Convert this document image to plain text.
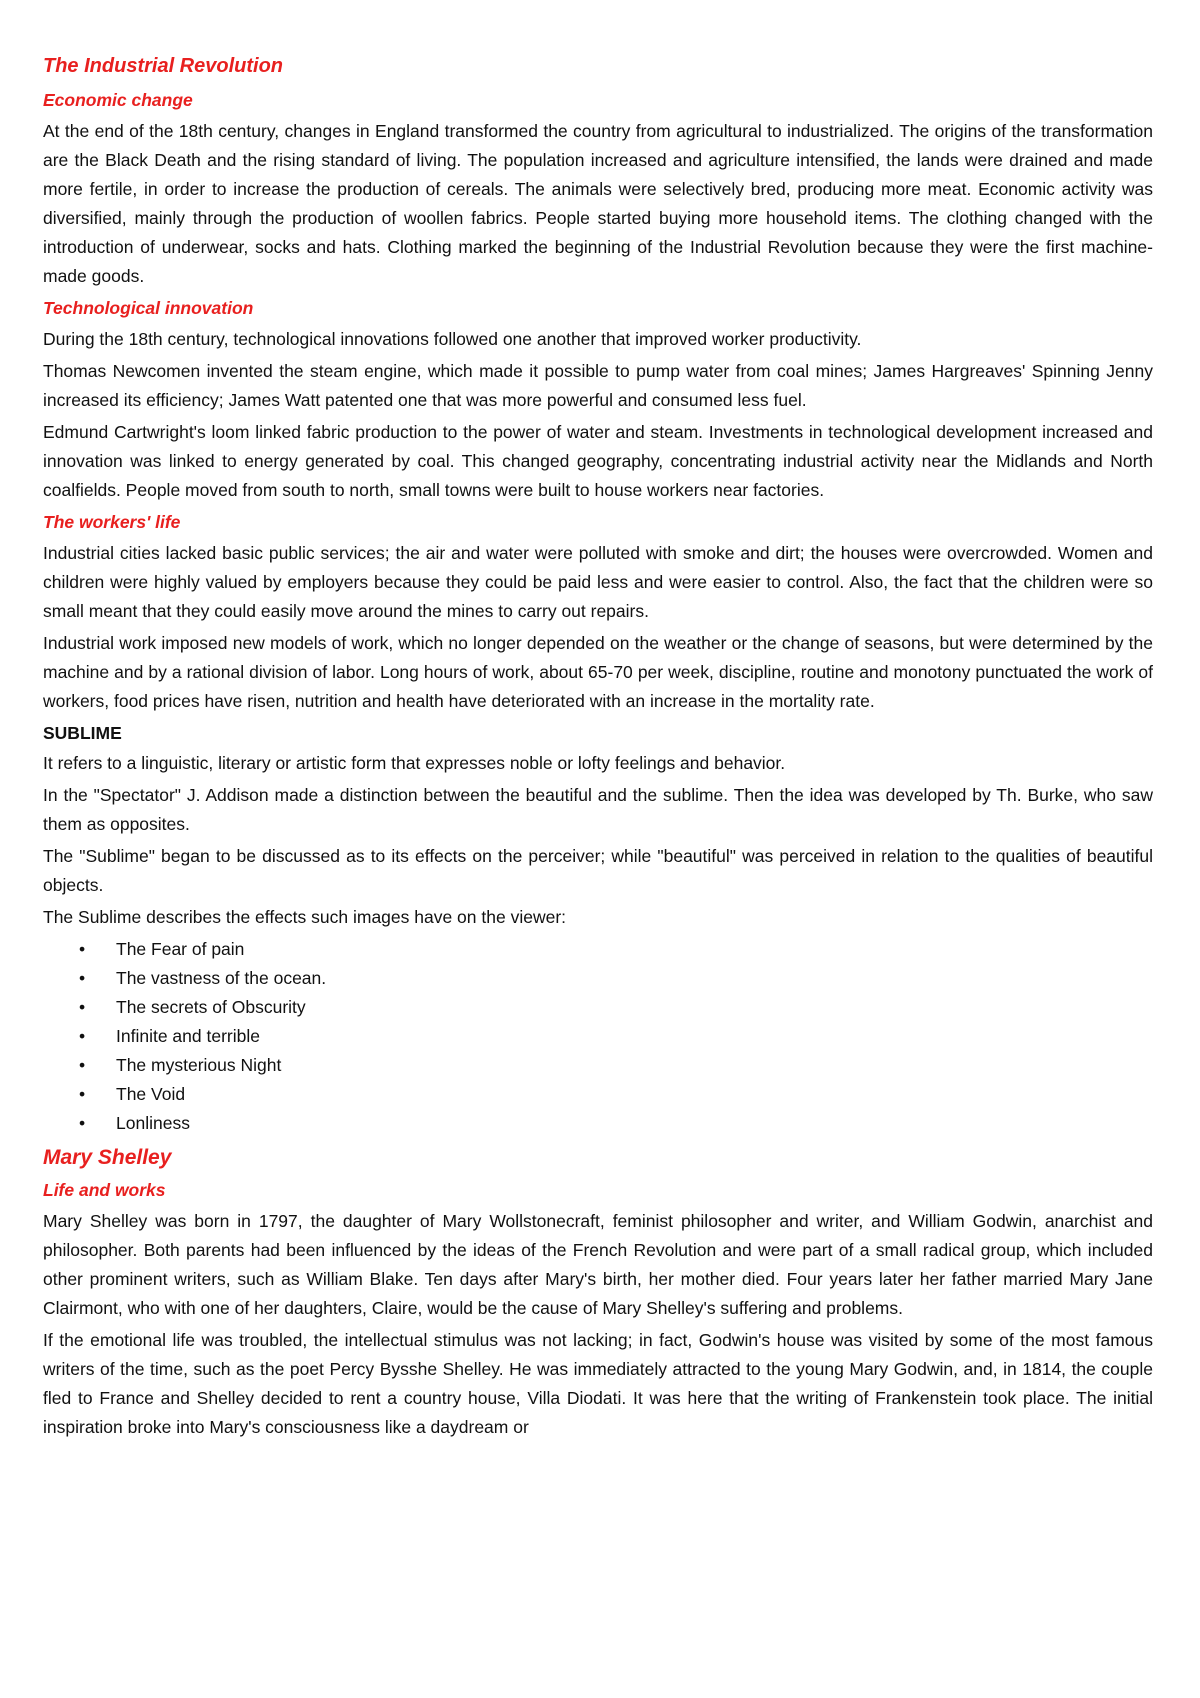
The Industrial Revolution
Economic change

At the end of the 18th century, changes in England transformed the country from agricultural to industrialized. The origins of the transformation are the Black Death and the rising standard of living. The population increased and agriculture intensified, the lands were drained and made more fertile, in order to increase the production of cereals. The animals were selectively bred, producing more meat. Economic activity was diversified, mainly through the production of woollen fabrics. People started buying more household items. The clothing changed with the introduction of underwear, socks and hats. Clothing marked the beginning of the Industrial Revolution because they were the first machine-made goods.

Technological innovation

During the 18th century, technological innovations followed one another that improved worker productivity.

Thomas Newcomen invented the steam engine, which made it possible to pump water from coal mines; James Hargreaves' Spinning Jenny increased its efficiency; James Watt patented one that was more powerful and consumed less fuel.

Edmund Cartwright's loom linked fabric production to the power of water and steam. Investments in technological development increased and innovation was linked to energy generated by coal. This changed geography, concentrating industrial activity near the Midlands and North coalfields. People moved from south to north, small towns were built to house workers near factories.

The workers' life

Industrial cities lacked basic public services; the air and water were polluted with smoke and dirt; the houses were overcrowded. Women and children were highly valued by employers because they could be paid less and were easier to control. Also, the fact that the children were so small meant that they could easily move around the mines to carry out repairs.

Industrial work imposed new models of work, which no longer depended on the weather or the change of seasons, but were determined by the machine and by a rational division of labor. Long hours of work, about 65-70 per week, discipline, routine and monotony punctuated the work of workers, food prices have risen, nutrition and health have deteriorated with an increase in the mortality rate.

SUBLIME

It refers to a linguistic, literary or artistic form that expresses noble or lofty feelings and behavior.

In the "Spectator" J. Addison made a distinction between the beautiful and the sublime. Then the idea was developed by Th. Burke, who saw them as opposites.

The "Sublime" began to be discussed as to its effects on the perceiver; while "beautiful" was perceived in relation to the qualities of beautiful objects.

The Sublime describes the effects such images have on the viewer:

• The Fear of pain
• The vastness of the ocean.
• The secrets of Obscurity
• Infinite and terrible
• The mysterious Night
• The Void
• Lonliness
Mary Shelley
Life and works

Mary Shelley was born in 1797, the daughter of Mary Wollstonecraft, feminist philosopher and writer, and William Godwin, anarchist and philosopher. Both parents had been influenced by the ideas of the French Revolution and were part of a small radical group, which included other prominent writers, such as William Blake. Ten days after Mary's birth, her mother died. Four years later her father married Mary Jane Clairmont, who with one of her daughters, Claire, would be the cause of Mary Shelley's suffering and problems.

If the emotional life was troubled, the intellectual stimulus was not lacking; in fact, Godwin's house was visited by some of the most famous writers of the time, such as the poet Percy Bysshe Shelley. He was immediately attracted to the young Mary Godwin, and, in 1814, the couple fled to France and Shelley decided to rent a country house, Villa Diodati. It was here that the writing of Frankenstein took place. The initial inspiration broke into Mary's consciousness like a daydream or
